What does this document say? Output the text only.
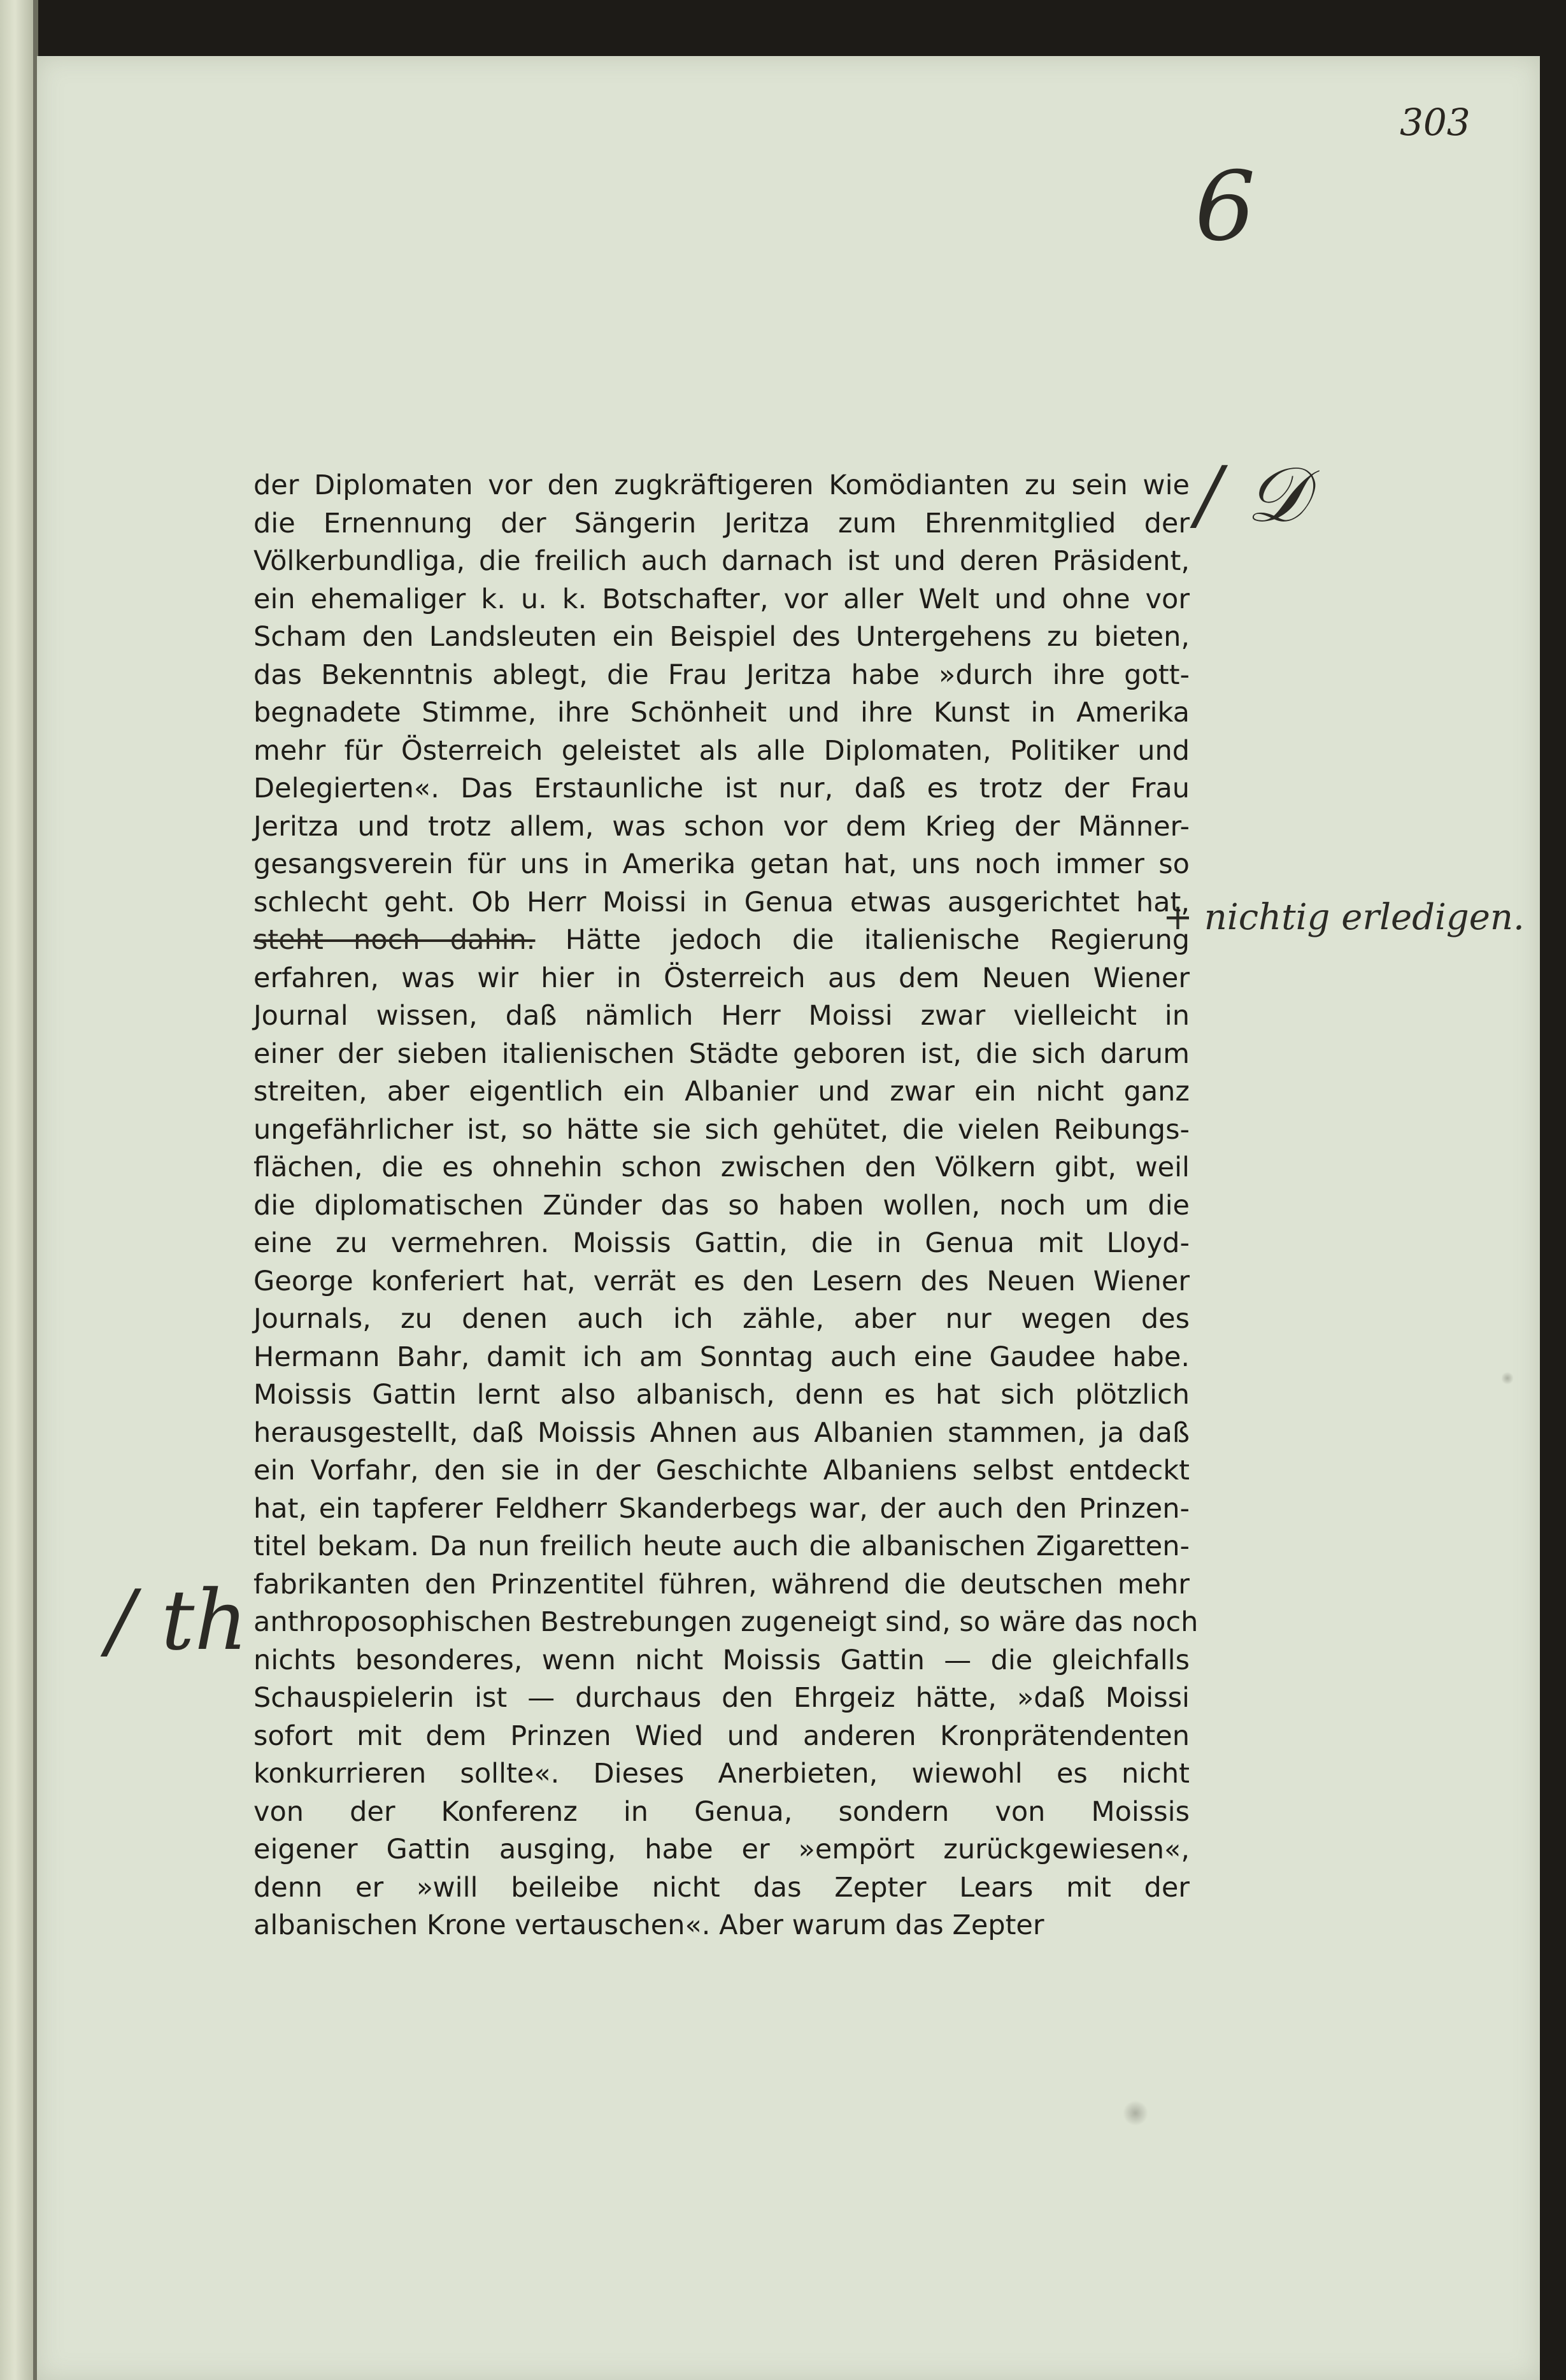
303
6
/ 𝒟
+ nichtig erledigen.
/ th
der Diplomaten vor den zugkräftigeren Komödianten zu sein wie
die Ernennung der Sängerin Jeritza zum Ehrenmitglied der
Völkerbundliga, die freilich auch darnach ist und deren Präsident,
ein ehemaliger k. u. k. Botschafter, vor aller Welt und ohne vor
Scham den Landsleuten ein Beispiel des Untergehens zu bieten,
das Bekenntnis ablegt, die Frau Jeritza habe »durch ihre gott-
begnadete Stimme, ihre Schönheit und ihre Kunst in Amerika
mehr für Österreich geleistet als alle Diplomaten, Politiker und
Delegierten«. Das Erstaunliche ist nur, daß es trotz der Frau
Jeritza und trotz allem, was schon vor dem Krieg der Männer-
gesangsverein für uns in Amerika getan hat, uns noch immer so
schlecht geht. Ob Herr Moissi in Genua etwas ausgerichtet hat,
steht noch dahin. Hätte jedoch die italienische Regierung
erfahren, was wir hier in Österreich aus dem Neuen Wiener
Journal wissen, daß nämlich Herr Moissi zwar vielleicht in
einer der sieben italienischen Städte geboren ist, die sich darum
streiten, aber eigentlich ein Albanier und zwar ein nicht ganz
ungefährlicher ist, so hätte sie sich gehütet, die vielen Reibungs-
flächen, die es ohnehin schon zwischen den Völkern gibt, weil
die diplomatischen Zünder das so haben wollen, noch um die
eine zu vermehren. Moissis Gattin, die in Genua mit Lloyd-
George konferiert hat, verrät es den Lesern des Neuen Wiener
Journals, zu denen auch ich zähle, aber nur wegen des
Hermann Bahr, damit ich am Sonntag auch eine Gaudee habe.
Moissis Gattin lernt also albanisch, denn es hat sich plötzlich
herausgestellt, daß Moissis Ahnen aus Albanien stammen, ja daß
ein Vorfahr, den sie in der Geschichte Albaniens selbst entdeckt
hat, ein tapferer Feldherr Skanderbegs war, der auch den Prinzen-
titel bekam. Da nun freilich heute auch die albanischen Zigaretten-
fabrikanten den Prinzentitel führen, während die deutschen mehr
anthroposophischen Bestrebungen zugeneigt sind, so wäre das noch
nichts besonderes, wenn nicht Moissis Gattin — die gleichfalls
Schauspielerin ist — durchaus den Ehrgeiz hätte, »daß Moissi
sofort mit dem Prinzen Wied und anderen Kronprätendenten
konkurrieren sollte«. Dieses Anerbieten, wiewohl es nicht
von der Konferenz in Genua, sondern von Moissis
eigener Gattin ausging, habe er »empört zurückgewiesen«,
denn er »will beileibe nicht das Zepter Lears mit der
albanischen Krone vertauschen«. Aber warum das Zepter
